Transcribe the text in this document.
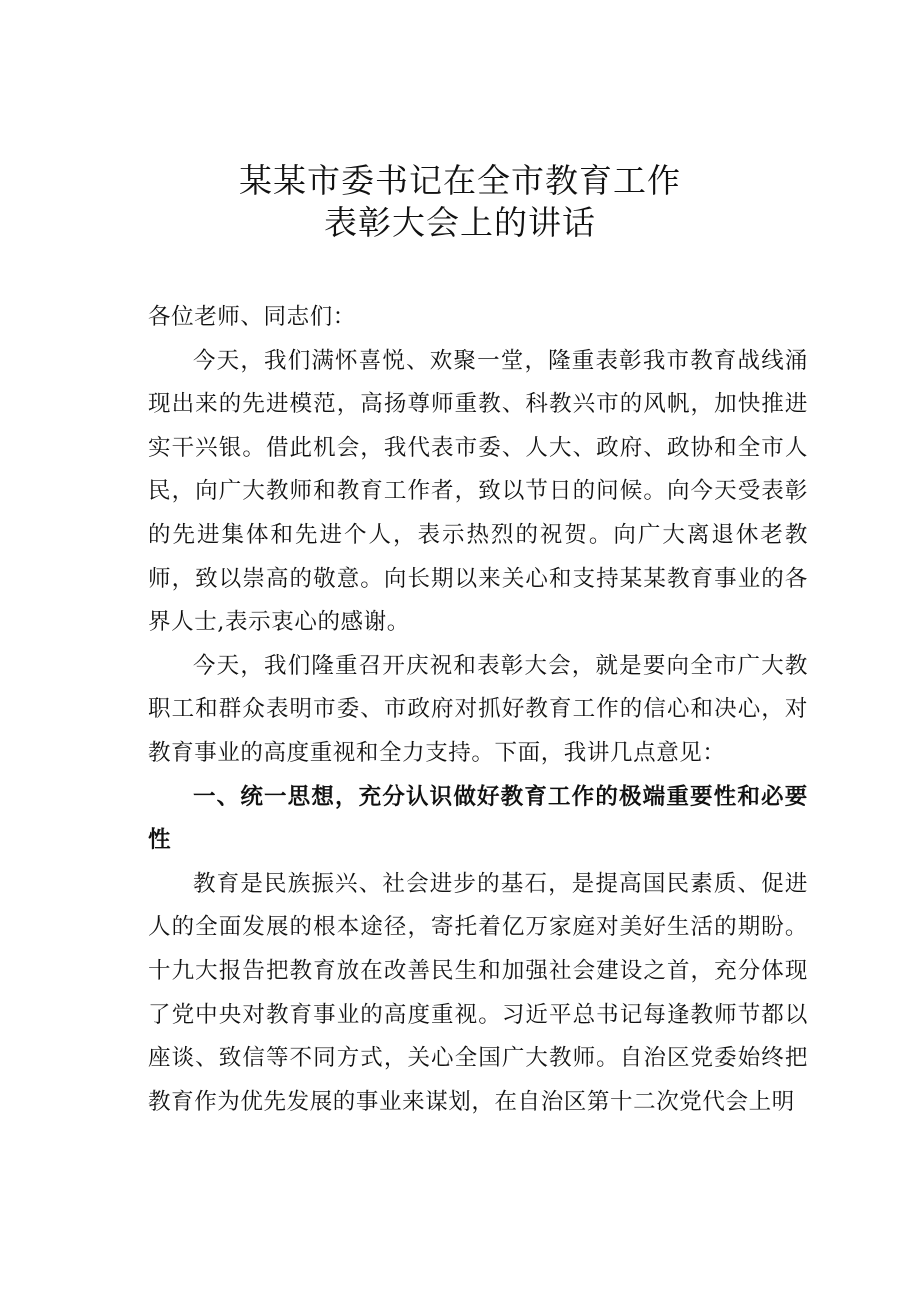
某某市委书记在全市教育工作
表彰大会上的讲话

各位老师、同志们：

今天，我们满怀喜悦、欢聚一堂，隆重表彰我市教育战线涌现出来的先进模范，高扬尊师重教、科教兴市的风帆，加快推进实干兴银。借此机会，我代表市委、人大、政府、政协和全市人民，向广大教师和教育工作者，致以节日的问候。向今天受表彰的先进集体和先进个人，表示热烈的祝贺。向广大离退休老教师，致以崇高的敬意。向长期以来关心和支持某某教育事业的各界人士,表示衷心的感谢。

今天，我们隆重召开庆祝和表彰大会，就是要向全市广大教职工和群众表明市委、市政府对抓好教育工作的信心和决心，对教育事业的高度重视和全力支持。下面，我讲几点意见：

一、统一思想，充分认识做好教育工作的极端重要性和必要性

教育是民族振兴、社会进步的基石，是提高国民素质、促进人的全面发展的根本途径，寄托着亿万家庭对美好生活的期盼。十九大报告把教育放在改善民生和加强社会建设之首，充分体现了党中央对教育事业的高度重视。习近平总书记每逢教师节都以座谈、致信等不同方式，关心全国广大教师。自治区党委始终把教育作为优先发展的事业来谋划，在自治区第十二次党代会上明
